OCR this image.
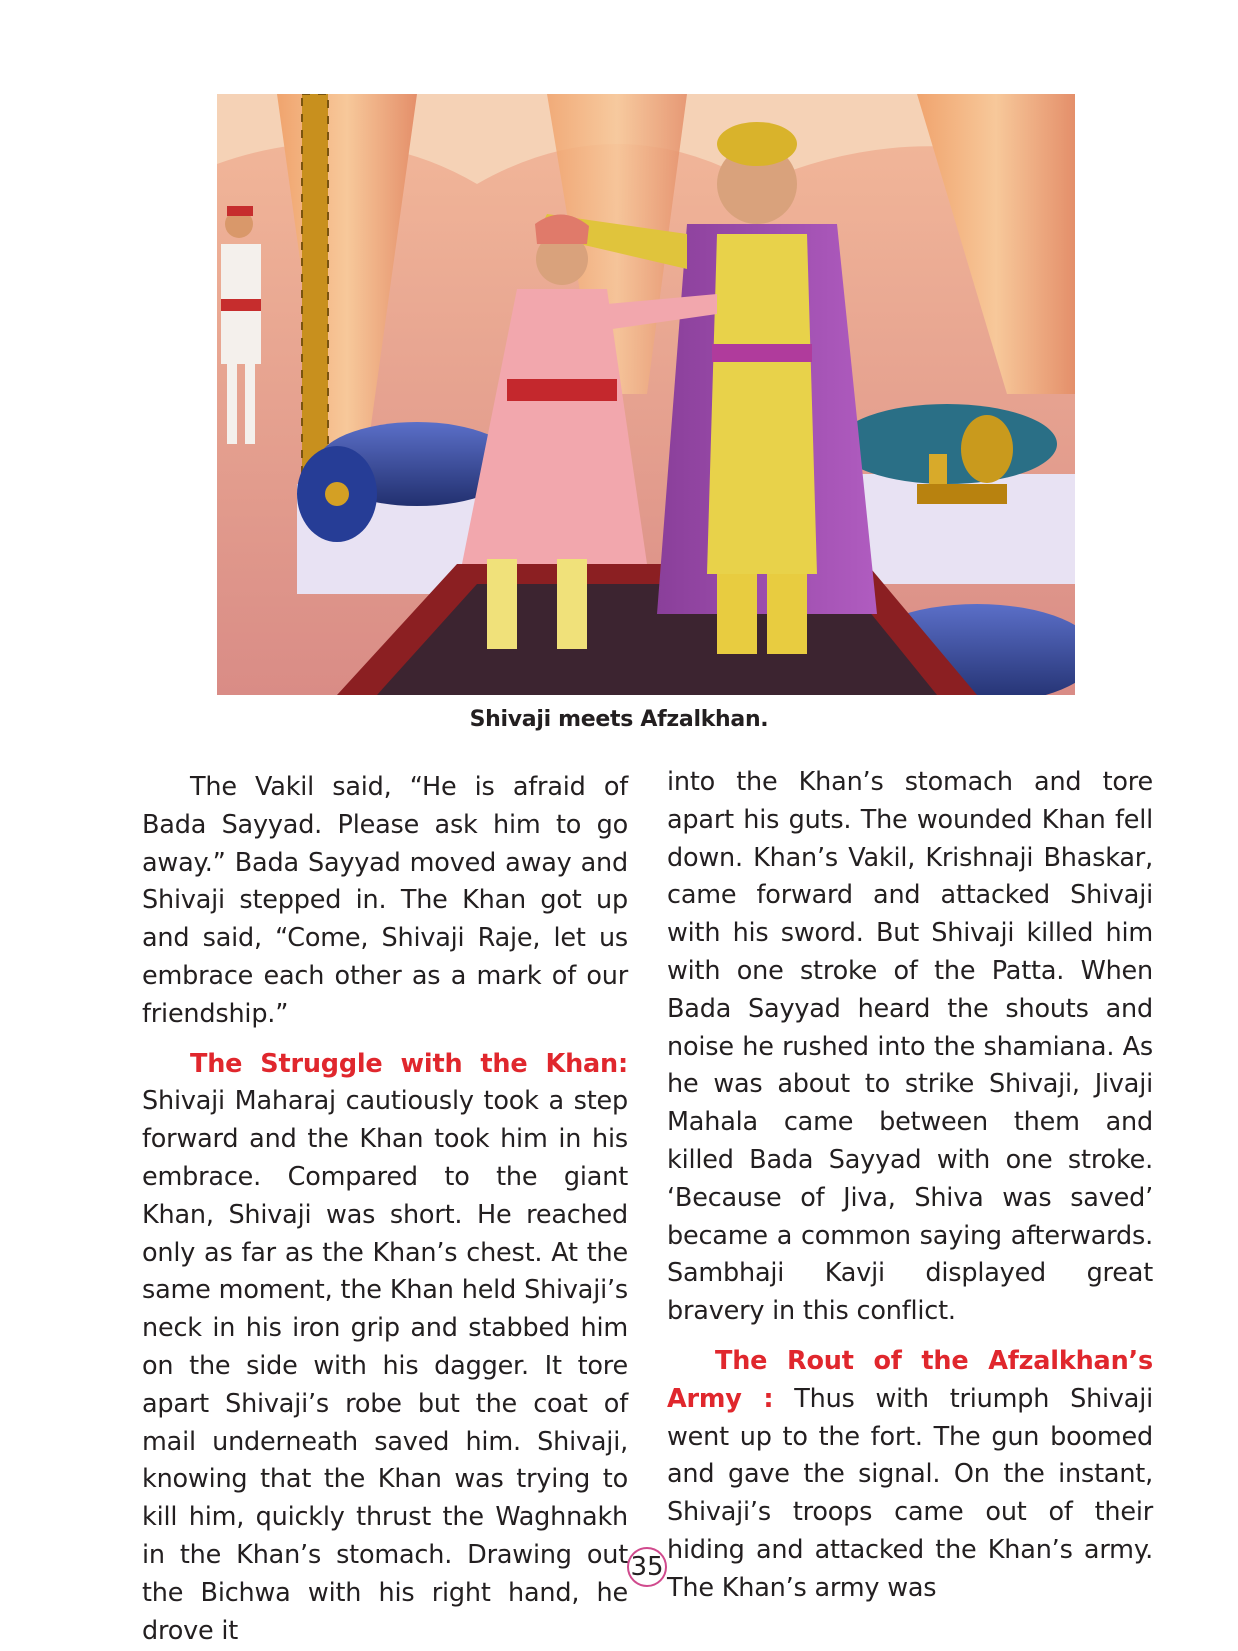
Shivaji meets Afzalkhan.

The Vakil said, “He is afraid of Bada Sayyad. Please ask him to go away.” Bada Sayyad moved away and Shivaji stepped in. The Khan got up and said, “Come, Shivaji Raje, let us embrace each other as a mark of our friendship.”

The Struggle with the Khan: Shivaji Maharaj cautiously took a step forward and the Khan took him in his embrace. Compared to the giant Khan, Shivaji was short. He reached only as far as the Khan’s chest. At the same moment, the Khan held Shivaji’s neck in his iron grip and stabbed him on the side with his dagger. It tore apart Shivaji’s robe but the coat of mail underneath saved him. Shivaji, knowing that the Khan was trying to kill him, quickly thrust the Waghnakh in the Khan’s stomach. Drawing out the Bichwa with his right hand, he drove it

into the Khan’s stomach and tore apart his guts. The wounded Khan fell down. Khan’s Vakil, Krishnaji Bhaskar, came forward and attacked Shivaji with his sword. But Shivaji killed him with one stroke of the Patta. When Bada Sayyad heard the shouts and noise he rushed into the shamiana. As he was about to strike Shivaji, Jivaji Mahala came between them and killed Bada Sayyad with one stroke. ‘Because of Jiva, Shiva was saved’ became a common saying afterwards. Sambhaji Kavji displayed great bravery in this conflict.

The Rout of the Afzalkhan’s Army : Thus with triumph Shivaji went up to the fort. The gun boomed and gave the signal. On the instant, Shivaji’s troops came out of their hiding and attacked the Khan’s army. The Khan’s army was

35
